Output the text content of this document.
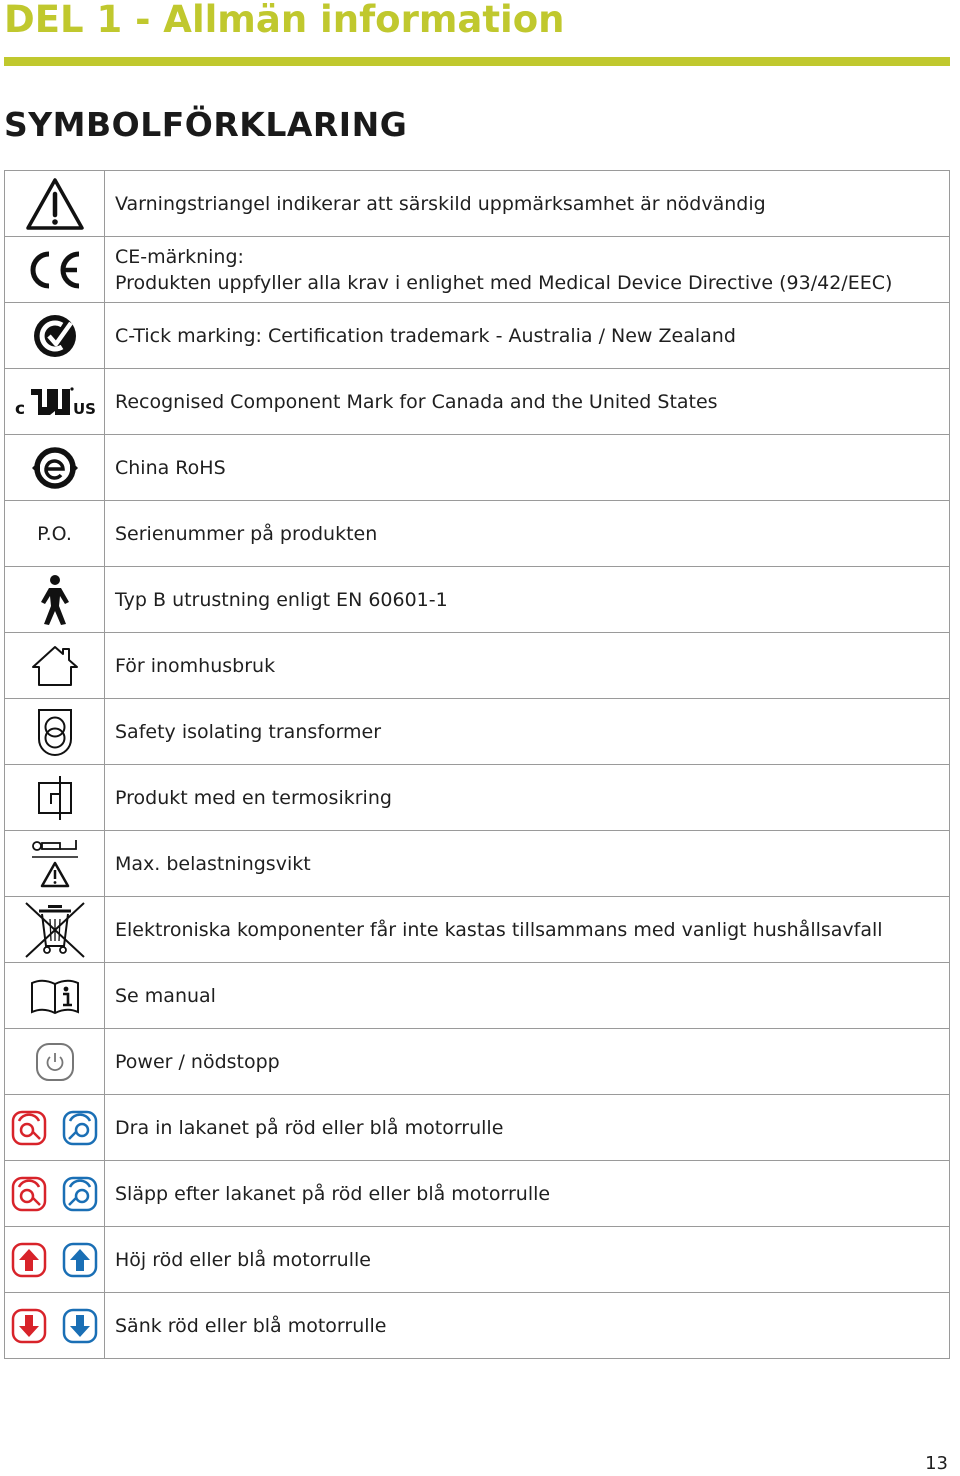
DEL 1 - Allmän information
SYMBOLFÖRKLARING
	Varningstriangel indikerar att särskild uppmärksamhet är nödvändig

CE-märkning:
Produkten uppfyller alla krav i enlighet med Medical Device Directive (93/42/EEC)

	C-Tick marking: Certification trademark - Australia / New Zealand

c US	Recognised Component Mark for Canada and the United States

	China RoHS
P.O.	Serienummer på produkten

	Typ B utrustning enligt EN 60601-1

	För inomhusbruk

	Safety isolating transformer

	Produkt med en termosikring

	Max. belastningsvikt

	Elektroniska komponenter får inte kastas tillsammans med vanligt hushållsavfall

	Se manual

	Power / nödstopp

	Dra in lakanet på röd eller blå motorrulle

	Släpp efter lakanet på röd eller blå motorrulle

	Höj röd eller blå motorrulle

	Sänk röd eller blå motorrulle
13
